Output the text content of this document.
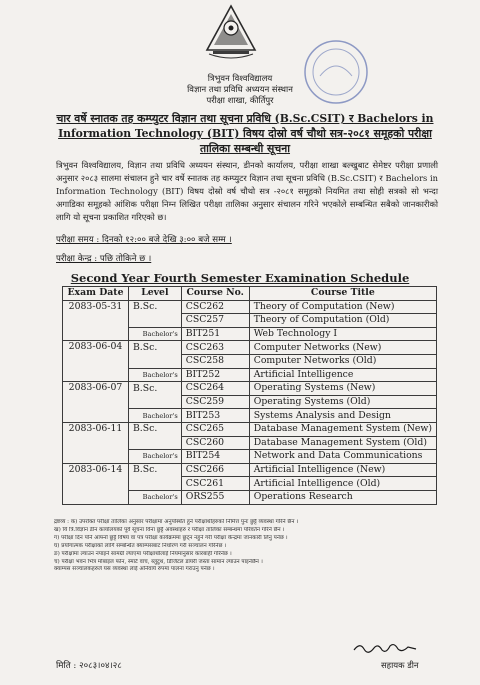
त्रिभुवन विश्वविद्यालय
विज्ञान तथा प्रविधि अध्ययन संस्थान
परीक्षा शाखा, कीर्तिपुर
चार वर्षे स्नातक तह कम्प्युटर विज्ञान तथा सूचना प्रविधि (B.Sc.CSIT) र Bachelors in
Information Technology (BIT) विषय दोस्रो वर्ष चौथो सत्र-२०८१ समूहको परीक्षा
तालिका सम्बन्धी सूचना
त्रिभुवन विश्वविद्यालय, विज्ञान तथा प्रविधि अध्ययन संस्थान, डीनको कार्यालय, परीक्षा शाखा बल्खुबाट सेमेष्टर परीक्षा प्रणाली अनुसार २०८३ सालमा संचालन हुने चार वर्षे स्नातक तह कम्प्युटर विज्ञान तथा सूचना प्रविधि (B.Sc.CSIT) र Bachelors in Information Technology (BIT) विषय दोस्रो वर्ष चौथो सत्र -२०८१ समूहको नियमित तथा सोही सत्रको सो भन्दा अगाडिका समूहको आंशिक परीक्षा निम्न लिखित परीक्षा तालिका अनुसार संचालन गरिने भएकोले सम्बन्धित सबैको जानकारीको लागि यो सूचना प्रकाशित गरिएको छ।
परीक्षा समय : दिनको १२:०० बजे देखि ३:०० बजे सम्म ।
परीक्षा केन्द्र : पछि तोकिने छ ।
Second Year Fourth Semester Examination Schedule
Exam Date	Level	Course No.	Course Title
2083-05-31	B.Sc.	CSC262	Theory of Computation (New)
		CSC257	Theory of Computation (Old)
	Bachelor's	BIT251	Web Technology I
2083-06-04	B.Sc.	CSC263	Computer Networks (New)
		CSC258	Computer Networks (Old)
	Bachelor's	BIT252	Artificial Intelligence
2083-06-07	B.Sc.	CSC264	Operating Systems (New)
		CSC259	Operating Systems (Old)
	Bachelor's	BIT253	Systems Analysis and Design
2083-06-11	B.Sc.	CSC265	Database Management System (New)
		CSC260	Database Management System (Old)
	Bachelor's	BIT254	Network and Data Communications
2083-06-14	B.Sc.	CSC266	Artificial Intelligence (New)
		CSC261	Artificial Intelligence (Old)
	Bachelor's	ORS255	Operations Research
द्रष्टव्य : क) उपरोक्त परीक्षा तालिका अनुसार परीक्षामा अनुपस्थित हुने परीक्षार्थीहरुको निमित्त पुनः छुट्टै व्यवस्था गरिने छैन ।
ख) यि त्रि.विज्ञान डीन कार्यालयको पूर्व सूचना विना छुट्टै अवस्थाहरु र परीक्षा तालिका सम्बन्धमा परिवर्तन गरिने छैन ।
ग) परीक्षा दिन पनि आफ्नो छुट्टै विषय वा पत्र परीक्षा कार्यक्रममा छुट्न नहुने गरी परीक्षा केन्द्रमा जानकारी लिनु पर्नेछ ।
घ) प्रयोगात्मक परीक्षाको लागि सम्बन्धित क्याम्पसबाट निर्धारण गरी सञ्चालन गरिनेछ ।
ङ) परीक्षामा ल्याउन नपाइने सामग्री ल्याएमा परीक्षार्थीलाई नियमानुसार कारबाही गरिनेछ ।
च) परीक्षा भवन भित्र मोबाइल फोन, स्मार्ट वाच, ब्लुटुथ, डिजिटल डायरी जस्ता सामान ल्याउन पाइनेछैन ।
क्याम्पस सञ्चालकहरुले यस व्यवस्था लाई अनिवार्य रुपमा पालना गराउनु पर्नेछ ।
मिति : २०८३।०४।२८	सहायक डीन
